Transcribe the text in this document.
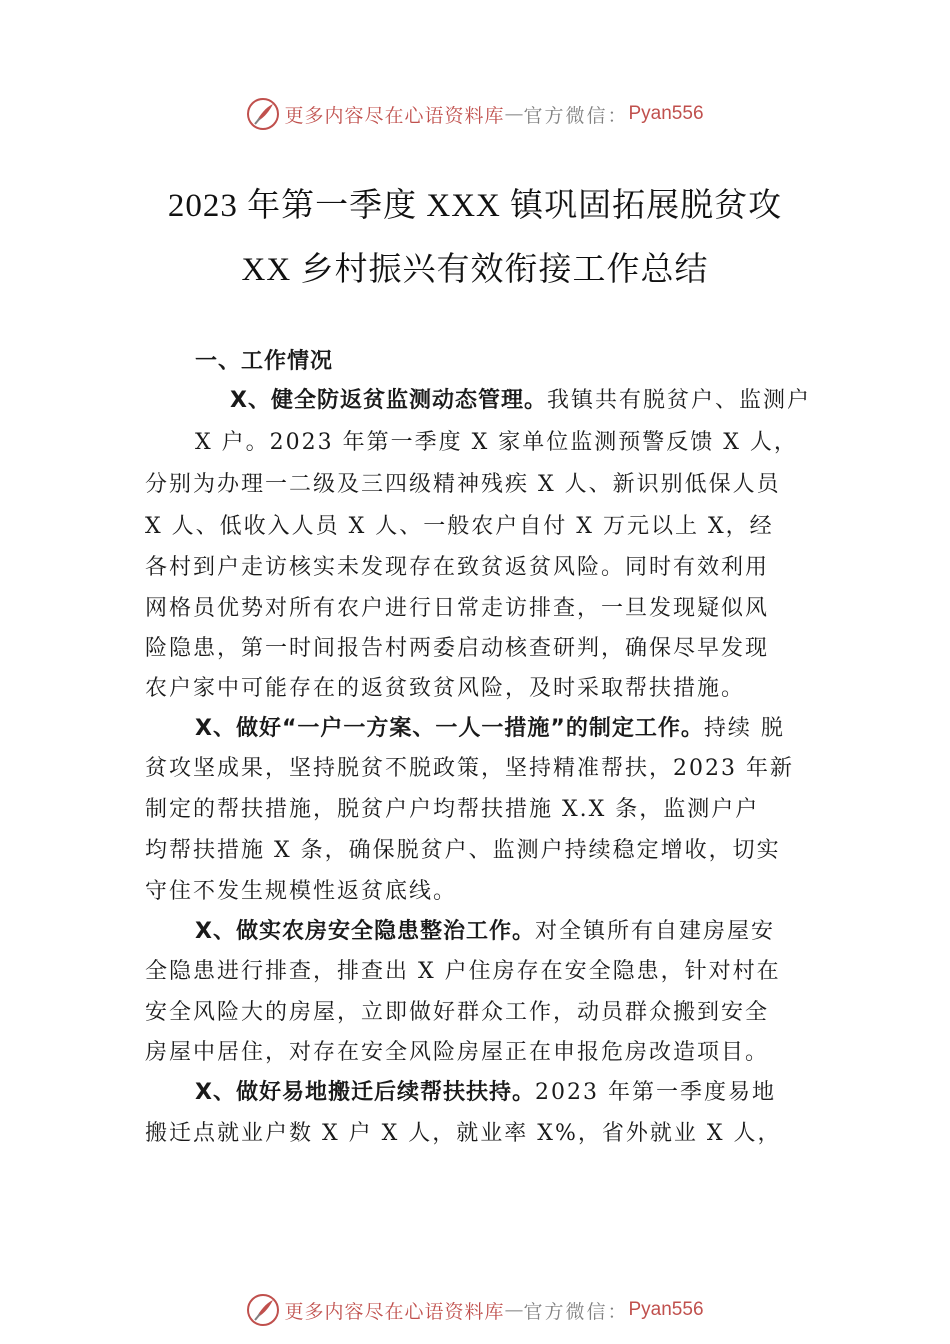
更多内容尽在心语资料库 — 官方微信： Pyan556
2023 年第一季度 XXX 镇巩固拓展脱贫攻
XX 乡村振兴有效衔接工作总结
一、工作情况
X、健全防返贫监测动态管理。我镇共有脱贫户、监测户
X 户。2023 年第一季度 X 家单位监测预警反馈 X 人，
分别为办理一二级及三四级精神残疾 X 人、新识别低保人员
X 人、低收入人员 X 人、一般农户自付 X 万元以上 X，经
各村到户走访核实未发现存在致贫返贫风险。同时有效利用
网格员优势对所有农户进行日常走访排查，一旦发现疑似风
险隐患，第一时间报告村两委启动核查研判，确保尽早发现
农户家中可能存在的返贫致贫风险，及时采取帮扶措施。
X、做好“一户一方案、一人一措施”的制定工作。持续 脱
贫攻坚成果，坚持脱贫不脱政策，坚持精准帮扶，2023 年新
制定的帮扶措施，脱贫户户均帮扶措施 X.X 条，监测户户
均帮扶措施 X 条，确保脱贫户、监测户持续稳定增收，切实
守住不发生规模性返贫底线。
X、做实农房安全隐患整治工作。对全镇所有自建房屋安
全隐患进行排查，排查出 X 户住房存在安全隐患，针对村在
安全风险大的房屋，立即做好群众工作，动员群众搬到安全
房屋中居住，对存在安全风险房屋正在申报危房改造项目。
X、做好易地搬迁后续帮扶扶持。2023 年第一季度易地
搬迁点就业户数 X 户 X 人，就业率 X%，省外就业 X 人，
更多内容尽在心语资料库 — 官方微信： Pyan556
